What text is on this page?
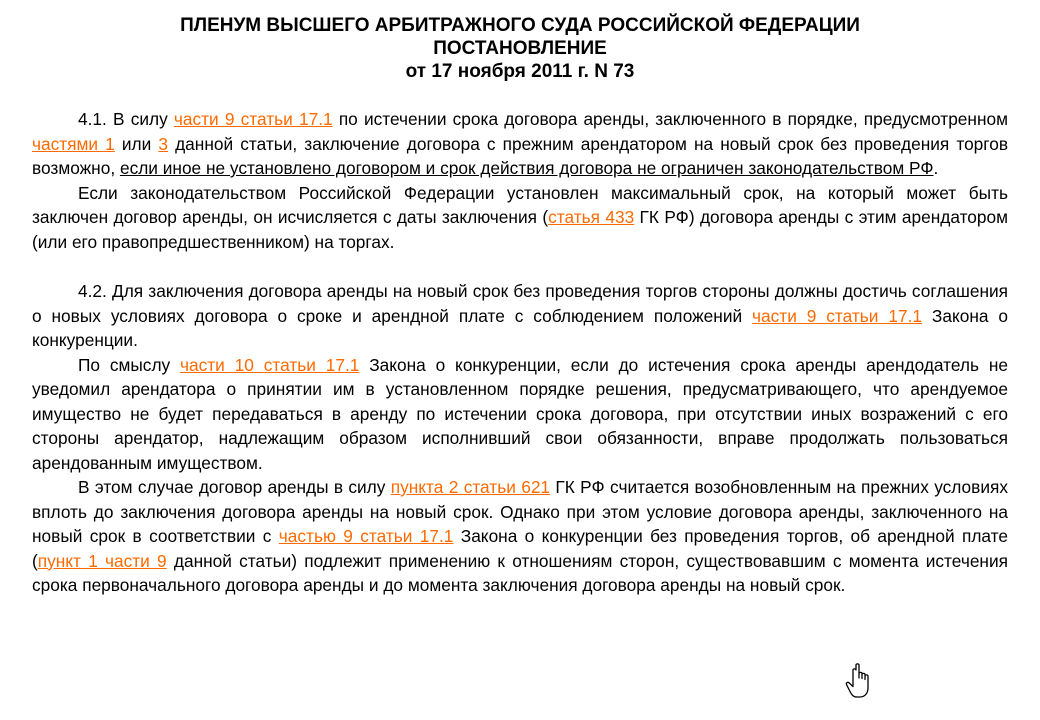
ПЛЕНУМ ВЫСШЕГО АРБИТРАЖНОГО СУДА РОССИЙСКОЙ ФЕДЕРАЦИИ
ПОСТАНОВЛЕНИЕ
от 17 ноября 2011 г. N 73

4.1. В силу части 9 статьи 17.1 по истечении срока договора аренды, заключенного в порядке, предусмотренном частями 1 или 3 данной статьи, заключение договора с прежним арендатором на новый срок без проведения торгов возможно, если иное не установлено договором и срок действия договора не ограничен законодательством РФ.

Если законодательством Российской Федерации установлен максимальный срок, на который может быть заключен договор аренды, он исчисляется с даты заключения (статья 433 ГК РФ) договора аренды с этим арендатором (или его правопредшественником) на торгах.

4.2. Для заключения договора аренды на новый срок без проведения торгов стороны должны достичь соглашения о новых условиях договора о сроке и арендной плате с соблюдением положений части 9 статьи 17.1 Закона о конкуренции.

По смыслу части 10 статьи 17.1 Закона о конкуренции, если до истечения срока аренды арендодатель не уведомил арендатора о принятии им в установленном порядке решения, предусматривающего, что арендуемое имущество не будет передаваться в аренду по истечении срока договора, при отсутствии иных возражений с его стороны арендатор, надлежащим образом исполнивший свои обязанности, вправе продолжать пользоваться арендованным имуществом.

В этом случае договор аренды в силу пункта 2 статьи 621 ГК РФ считается возобновленным на прежних условиях вплоть до заключения договора аренды на новый срок. Однако при этом условие договора аренды, заключенного на новый срок в соответствии с частью 9 статьи 17.1 Закона о конкуренции без проведения торгов, об арендной плате (пункт 1 части 9 данной статьи) подлежит применению к отношениям сторон, существовавшим с момента истечения срока первоначального договора аренды и до момента заключения договора аренды на новый срок.
